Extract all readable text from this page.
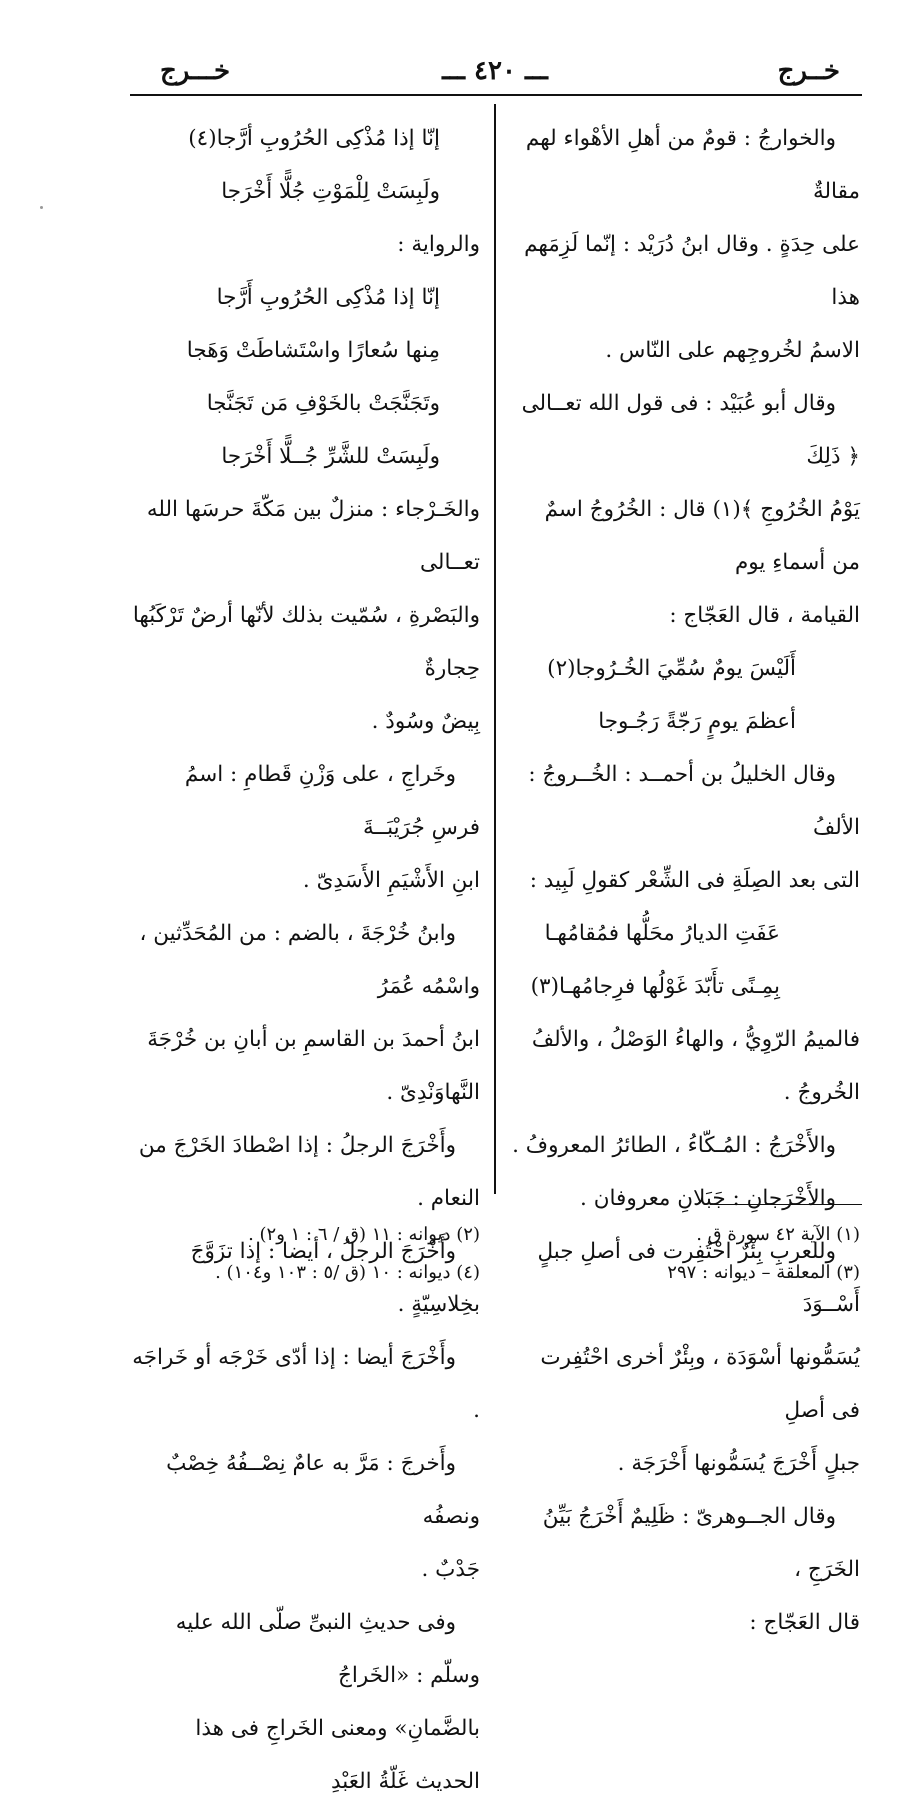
خــرج
ـــ ٤٢٠ ـــ
خـــرج

والخوارجُ : قومٌ من أهلِ الأهْواء لهم مقالةٌ

على حِدَةٍ . وقال ابنُ دُرَيْد : إنّما لَزِمَهم هذا

الاسمُ لخُروجِهم على النّاس .

وقال أبو عُبَيْد : فى قول الله تعــالى ﴿ ذَلِكَ

يَوْمُ الخُرُوجِ ﴾(١) قال : الخُرُوجُ اسمٌ من أسماءِ يوم

القيامة ، قال العَجّاج :

أَلَيْسَ يومٌ سُمِّيَ الخُـرُوجا(٢)

أعظمَ يومٍ رَجّةً رَجُـوجا

وقال الخليلُ بن أحمــد : الخُــروجُ : الألفُ

التى بعد الصِلَةِ فى الشِّعْر كقولِ لَبِيد :

عَفَتِ الديارُ محَلُّها فمُقامُهـا

بِمِـنًى تأَبّدَ غَوْلُها فرِجامُهـا(٣)

فالميمُ الرّوِيُّ ، والهاءُ الوَصْلُ ، والألفُ الخُروجُ .

والأَخْرَجُ : المُـكّاءُ ، الطائرُ المعروفُ .

والأَخْرَجانِ : جَبَلانِ معروفان .

وللعربِ بِئْرٌ احْتُفِرت فى أصلِ جبلٍ أَسْــوَدَ

يُسَمُّونها أسْوَدَة ، وبِئْرٌ أخرى احْتُفِرت فى أصلِ

جبلٍ أَخْرَجَ يُسَمُّونها أَخْرَجَة .

وقال الجــوهرىّ : ظَلِيمٌ أَخْرَجُ بَيِّنُ الخَرَجِ ،

قال العَجّاج :

إنّا إذا مُذْكِى الحُرُوبِ أرَّجا(٤)

ولَبِسَتْ لِلْمَوْتِ جُلًّا أَخْرَجا

والرواية :

إنّا إذا مُذْكِى الحُرُوبِ أَرَّجا

مِنها سُعارًا واسْتَشاطَتْ وَهَجا

وتَجَنَّجَتْ بالخَوْفِ مَن تَجَنَّجا

ولَبِسَتْ للشَّرِّ جُــلًّا أَخْرَجا

والخَـرْجاء : منزلٌ بين مَكّةَ حرسَها الله تعــالى

والبَصْرةِ ، سُمّيت بذلك لأنّها أرضٌ تَرْكَبُها حِجارةٌ

بِيضٌ وسُودٌ .

وخَراجِ ، على وَزْنِ قَطامِ : اسمُ فرسِ جُرَيْبَــةَ

ابنِ الأَشْيَمِ الأَسَدِىّ .

وابنُ خُرْجَةَ ، بالضم : من المُحَدِّثين ، واسْمُه عُمَرُ

ابنُ أحمدَ بن القاسمِ بن أبانِ بن خُرْجَةَ النَّهاوَنْدِىّ .

وأَخْرَجَ الرجلُ : إذا اصْطادَ الخَرْجَ من النعام .

وأَخْرَجَ الرجلُ ، أيضا : إذا تزَوَّجَ بخِلاسِيّةٍ .

وأَخْرَجَ أيضا : إذا أدّى خَرْجَه أو خَراجَه .

وأَخرجَ : مَرَّ به عامٌ نِصْــفُهُ خِصْبٌ ونصفُه

جَدْبٌ .

وفى حديثِ النبىِّ صلّى الله عليه وسلّم : «الخَراجُ

بالضَّمانِ» ومعنى الخَراجِ فى هذا الحديث غَلّةُ العَبْدِ

(١) الآية ٤٢ سورة ق .

(٣) المعلقة – ديوانه : ٢٩٧

(٢) ديوانه : ١١ (ق / ٦ : ١ و٢) .

(٤) ديوانه : ١٠ (ق /٥ : ١٠٣ و١٠٤) .
